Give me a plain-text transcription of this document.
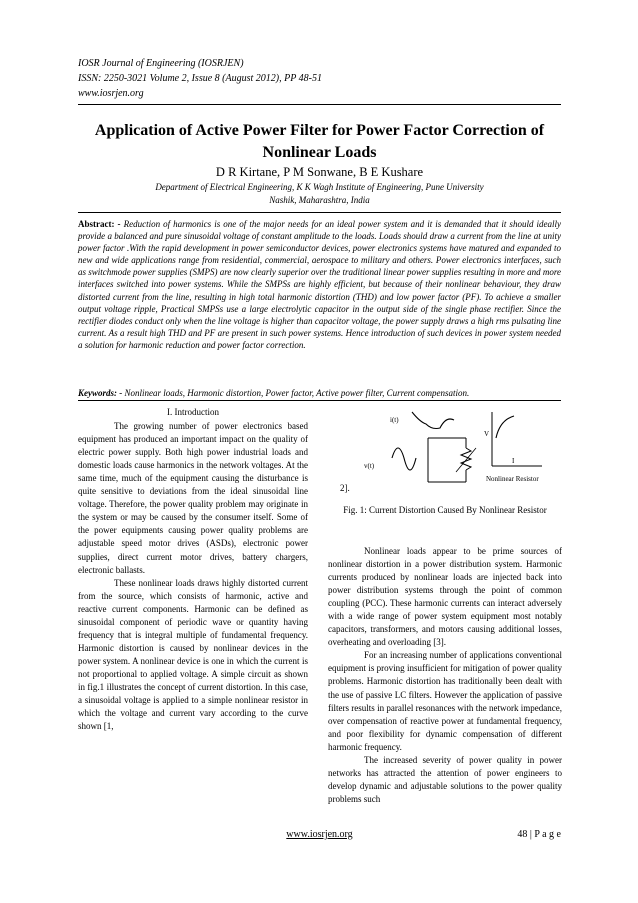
IOSR Journal of Engineering (IOSRJEN)
ISSN: 2250-3021 Volume 2, Issue 8 (August 2012), PP 48-51
www.iosrjen.org
Application of Active Power Filter for Power Factor Correction of Nonlinear Loads
D R Kirtane, P M Sonwane, B E Kushare
Department of Electrical Engineering, K K Wagh Institute of Engineering, Pune University
Nashik, Maharashtra, India
Abstract: - Reduction of harmonics is one of the major needs for an ideal power system and it is demanded that it should ideally provide a balanced and pure sinusoidal voltage of constant amplitude to the loads. Loads should draw a current from the line at unity power factor .With the rapid development in power semiconductor devices, power electronics systems have matured and expanded to new and wide applications range from residential, commercial, aerospace to military and others. Power electronics interfaces, such as switchmode power supplies (SMPS) are now clearly superior over the traditional linear power supplies resulting in more and more interfaces switched into power systems. While the SMPSs are highly efficient, but because of their nonlinear behaviour, they draw distorted current from the line, resulting in high total harmonic distortion (THD) and low power factor (PF). To achieve a smaller output voltage ripple, Practical SMPSs use a large electrolytic capacitor in the output side of the single phase rectifier. Since the rectifier diodes conduct only when the line voltage is higher than capacitor voltage, the power supply draws a high rms pulsating line current. As a result high THD and PF are present in such power systems. Hence introduction of such devices in power system needed a solution for harmonic reduction and power factor correction.
Keywords: - Nonlinear loads, Harmonic distortion, Power factor, Active power filter, Current compensation.
I. Introduction

The growing number of power electronics based equipment has produced an important impact on the quality of electric power supply. Both high power industrial loads and domestic loads cause harmonics in the network voltages. At the same time, much of the equipment causing the disturbance is quite sensitive to deviations from the ideal sinusoidal line voltage. Therefore, the power quality problem may originate in the system or may be caused by the consumer itself. Some of the power equipments causing power quality problems are adjustable speed motor drives (ASDs), electronic power supplies, direct current motor drives, battery chargers, electronic ballasts.

These nonlinear loads draws highly distorted current from the source, which consists of harmonic, active and reactive current components. Harmonic can be defined as sinusoidal component of periodic wave or quantity having frequency that is integral multiple of fundamental frequency. Harmonic distortion is caused by nonlinear devices in the power system. A nonlinear device is one in which the current is not proportional to applied voltage. A simple circuit as shown in fig.1 illustrates the concept of current distortion. In this case, a sinusoidal voltage is applied to a simple nonlinear resistor in which the voltage and current vary according to the curve shown [1,

i(t)
v(t)
V
I
Nonlinear Resistor
2].
Fig. 1: Current Distortion Caused By Nonlinear Resistor

Nonlinear loads appear to be prime sources of nonlinear distortion in a power distribution system. Harmonic currents produced by nonlinear loads are injected back into power distribution systems through the point of common coupling (PCC). These harmonic currents can interact adversely with a wide range of power system equipment most notably capacitors, transformers, and motors causing additional losses, overheating and overloading [3].

For an increasing number of applications conventional equipment is proving insufficient for mitigation of power quality problems. Harmonic distortion has traditionally been dealt with the use of passive LC filters. However the application of passive filters results in parallel resonances with the network impedance, over compensation of reactive power at fundamental frequency, and poor flexibility for dynamic compensation of different harmonic frequency.

The increased severity of power quality in power networks has attracted the attention of power engineers to develop dynamic and adjustable solutions to the power quality problems such

www.iosrjen.org	48 | P a g e
